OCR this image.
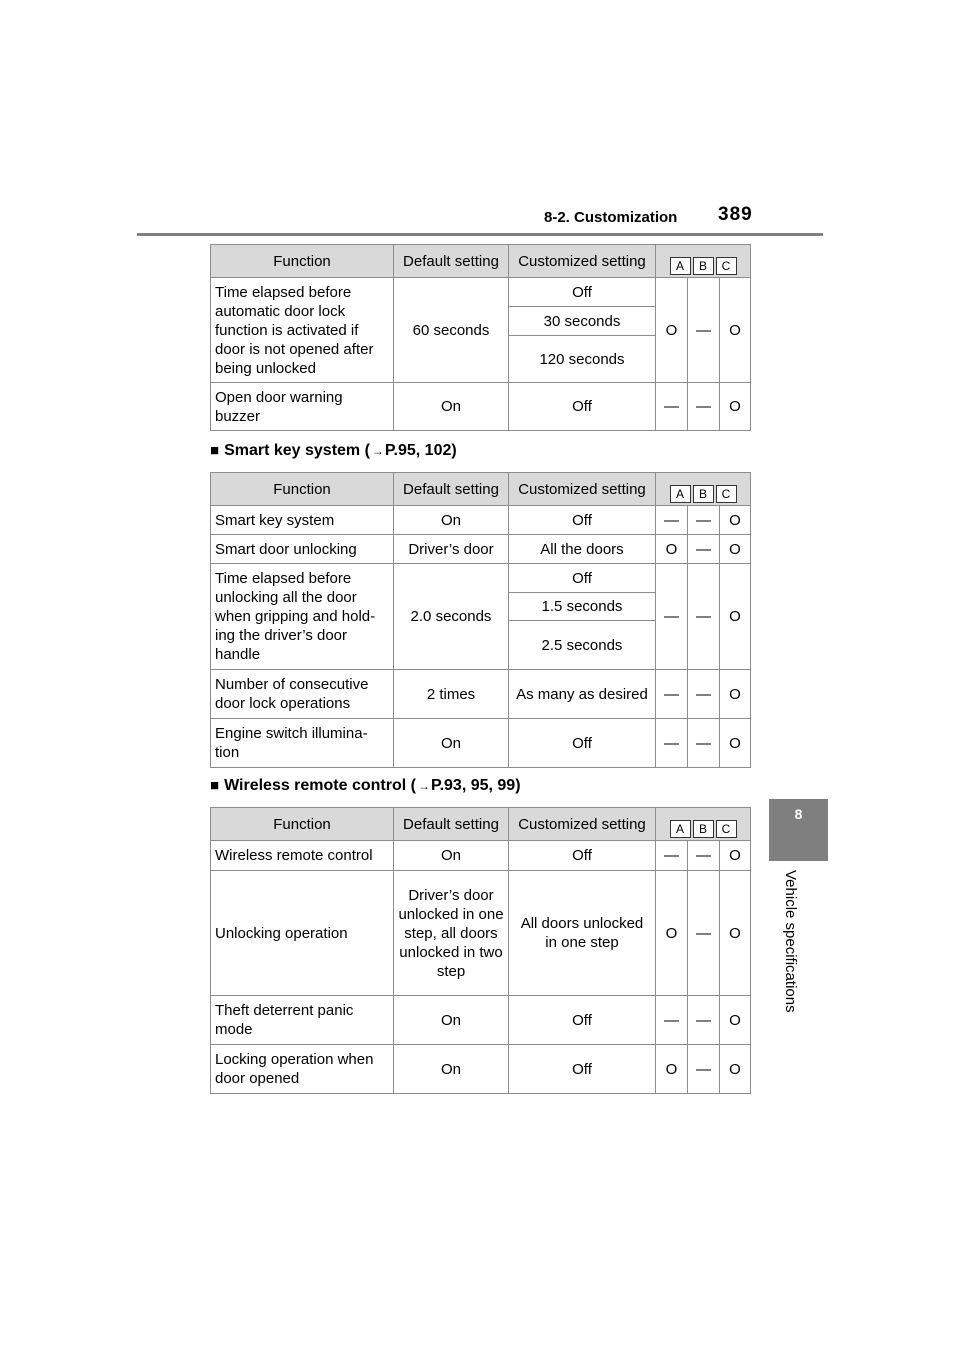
8-2. Customization 389
8
Vehicle specifications
Function	Default setting	Customized setting	A B C		
Time elapsed before automatic door lock function is activated if door is not opened after being unlocked	60 seconds	Off	O	—	O
		30 seconds			
		120 seconds			
Open door warning buzzer	On	Off	—	—	O
■ Smart key system ( →P.95, 102)
Function	Default setting	Customized setting	A B C		
Smart key system	On	Off	—	—	O
Smart door unlocking	Driver’s door	All the doors	O	—	O
Time elapsed before unlocking all the door when gripping and hold-ing the driver’s door handle	2.0 seconds	Off	—	—	O
		1.5 seconds			
		2.5 seconds			
Number of consecutive door lock operations	2 times	As many as desired	—	—	O
Engine switch illumina-tion	On	Off	—	—	O
■ Wireless remote control ( →P.93, 95, 99)
Function	Default setting	Customized setting	A B C		
Wireless remote control	On	Off	—	—	O
Unlocking operation	Driver’s door unlocked in one step, all doors unlocked in two step	All doors unlocked in one step	O	—	O
Theft deterrent panic mode	On	Off	—	—	O
Locking operation when door opened	On	Off	O	—	O
